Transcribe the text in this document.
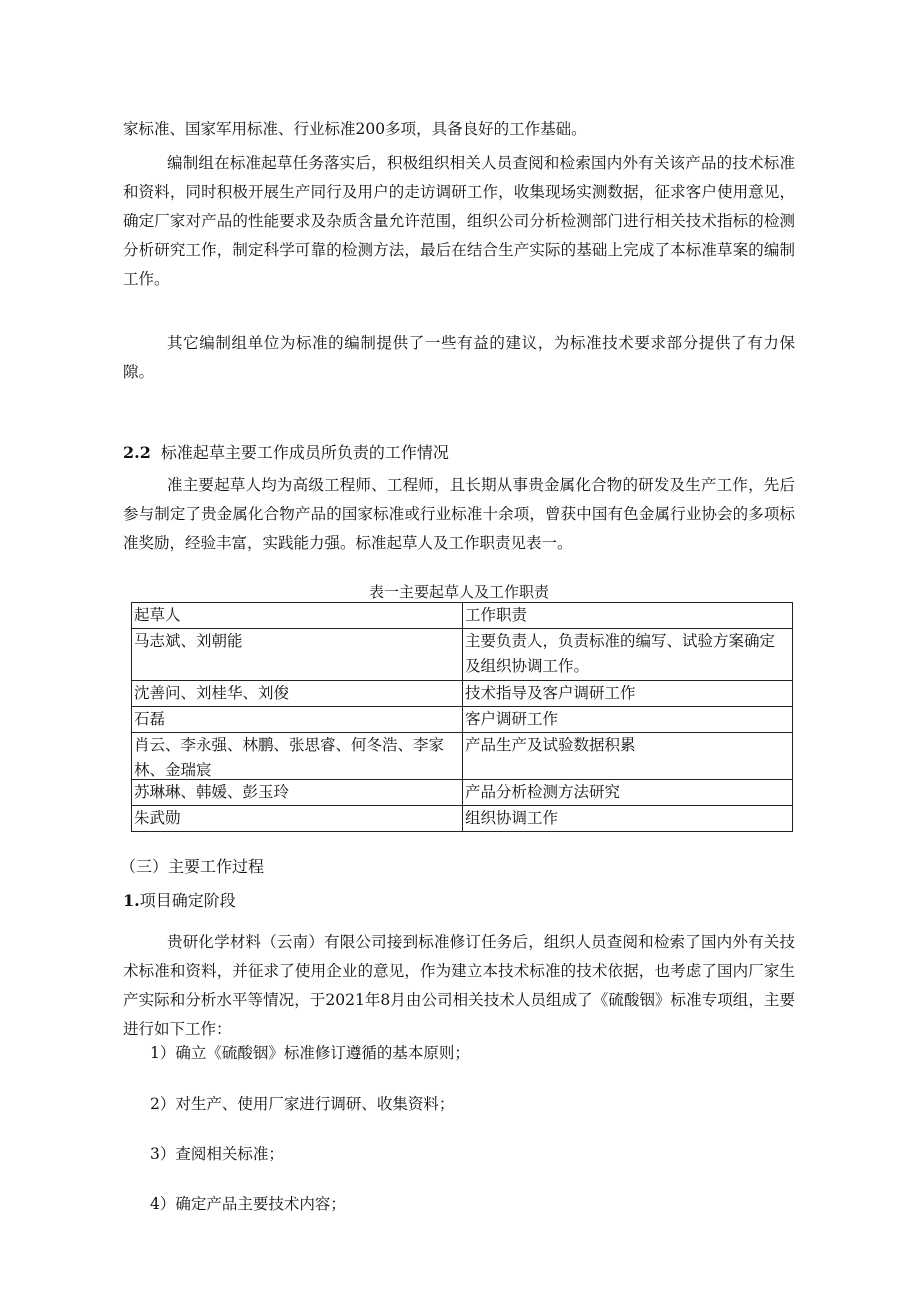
家标准、国家军用标准、行业标准200多项，具备良好的工作基础。

编制组在标准起草任务落实后，积极组织相关人员查阅和检索国内外有关该产品的技术标准和资料，同时积极开展生产同行及用户的走访调研工作，收集现场实测数据，征求客户使用意见，确定厂家对产品的性能要求及杂质含量允许范围，组织公司分析检测部门进行相关技术指标的检测分析研究工作，制定科学可靠的检测方法，最后在结合生产实际的基础上完成了本标准草案的编制工作。

其它编制组单位为标准的编制提供了一些有益的建议，为标准技术要求部分提供了有力保隙。

2.2 标准起草主要工作成员所负责的工作情况

准主要起草人均为高级工程师、工程师，且长期从事贵金属化合物的研发及生产工作，先后参与制定了贵金属化合物产品的国家标准或行业标准十余项，曾获中国有色金属行业协会的多项标准奖励，经验丰富，实践能力强。标准起草人及工作职责见表一。

表一主要起草人及工作职责

起草人	工作职责
马志斌、刘朝能	主要负责人，负责标准的编写、试验方案确定及组织协调工作。
沈善问、刘桂华、刘俊	技术指导及客户调研工作
石磊	客户调研工作

肖云、李永强、林鹏、张思睿、何冬浩、李家林、金瑞宸	产品生产及试验数据积累
苏琳琳、韩媛、彭玉玲	产品分析检测方法研究
朱武勋	组织协调工作

（三）主要工作过程

1.项目确定阶段

贵研化学材料（云南）有限公司接到标准修订任务后，组织人员查阅和检索了国内外有关技术标准和资料，并征求了使用企业的意见，作为建立本技术标准的技术依据，也考虑了国内厂家生产实际和分析水平等情况，于2021年8月由公司相关技术人员组成了《硫酸铟》标准专项组，主要进行如下工作：

1）确立《硫酸铟》标准修订遵循的基本原则；

2）对生产、使用厂家进行调研、收集资料；

3）查阅相关标准；

4）确定产品主要技术内容；
